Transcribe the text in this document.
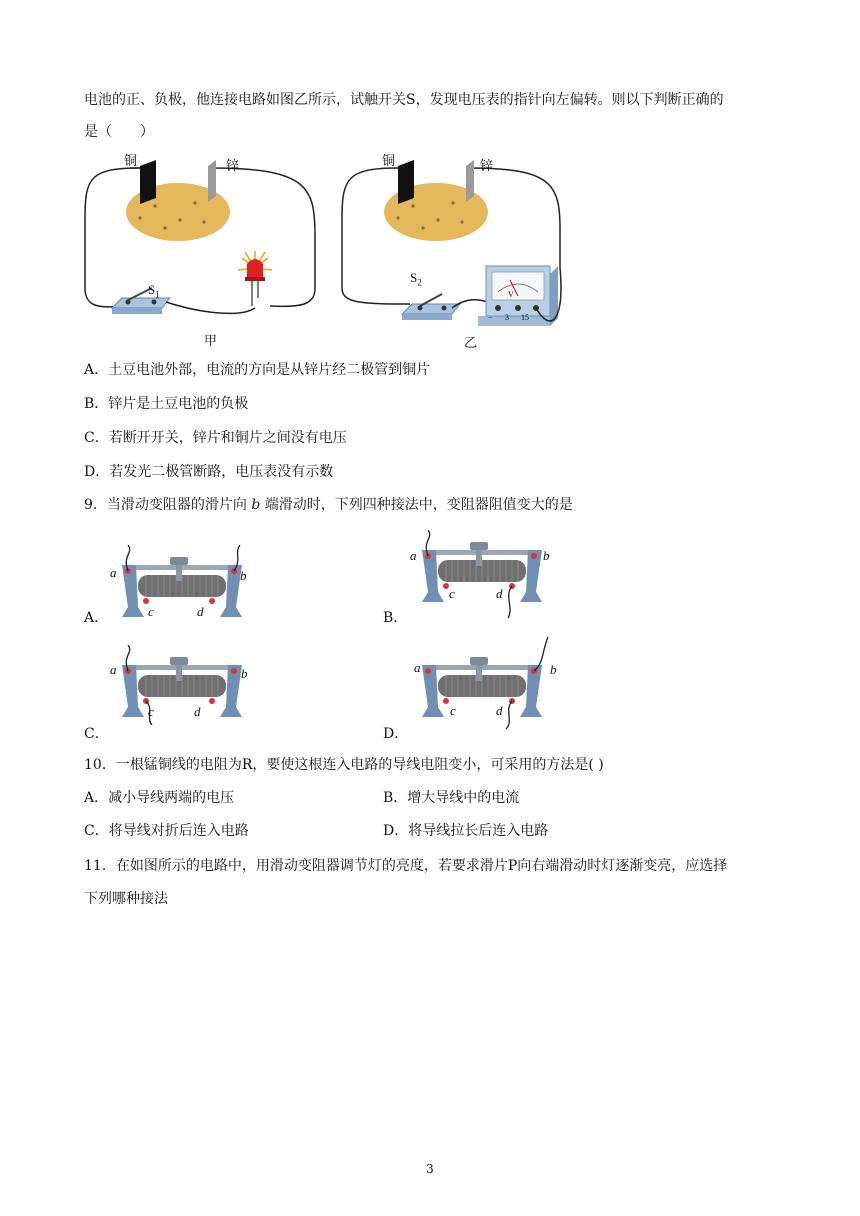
电池的正、负极，他连接电路如图乙所示，试触开关S，发现电压表的指针向左偏转。则以下判断正确的
是（　　）
铜	锌	铜	锌
$S_1$
$S_2$
V
− 3 15
甲	乙
A．土豆电池外部，电流的方向是从锌片经二极管到铜片
B．锌片是土豆电池的负极
C．若断开开关，锌片和铜片之间没有电压
D．若发光二极管断路，电压表没有示数
9．当滑动变阻器的滑片向 b 端滑动时，下列四种接法中，变阻器阻值变大的是
a	b
c	d
a	b
c	d
a	b
c	d
a	b
c	d
A．	B．
C．	D．
10．一根锰铜线的电阻为R，要使这根连入电路的导线电阻变小，可采用的方法是( )
A．减小导线两端的电压	B．增大导线中的电流
C．将导线对折后连入电路	D．将导线拉长后连入电路
11．在如图所示的电路中，用滑动变阻器调节灯的亮度，若要求滑片P向右端滑动时灯逐渐变亮，应选择
下列哪种接法
3
